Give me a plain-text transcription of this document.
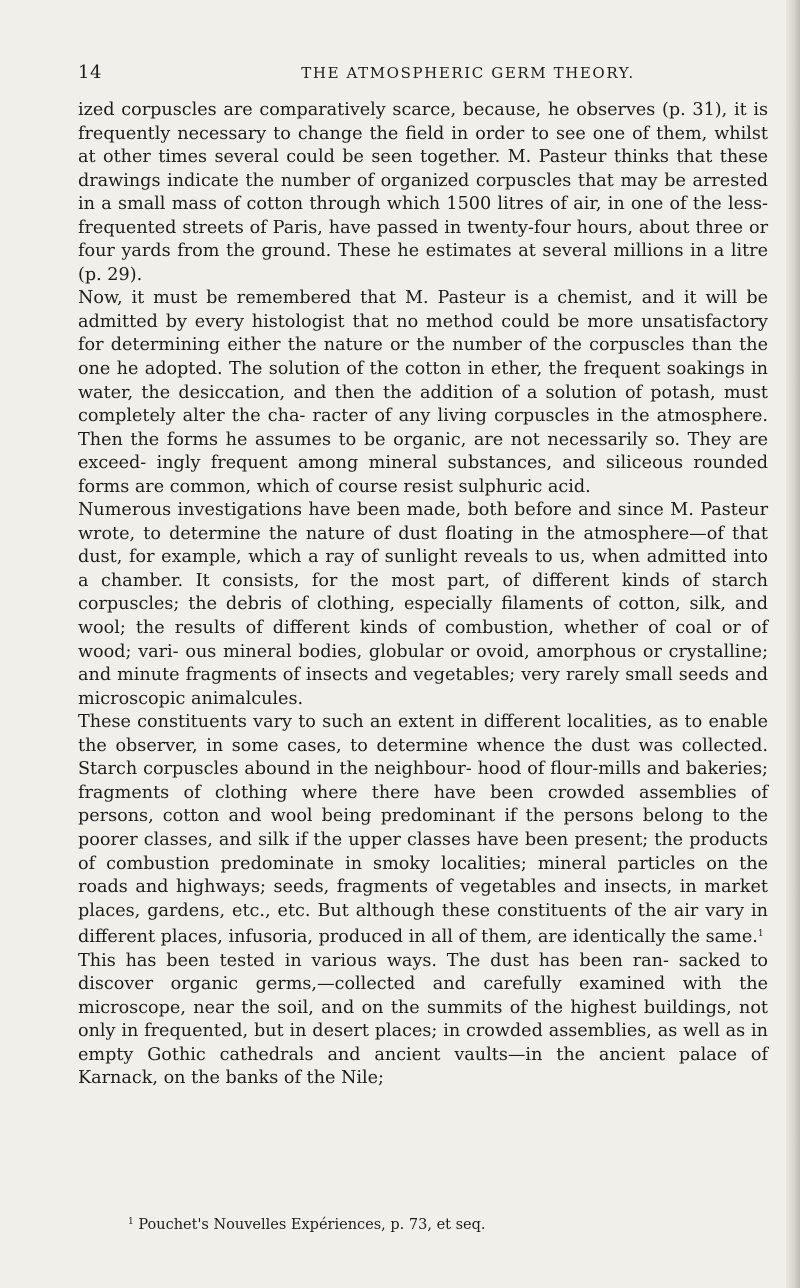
14	THE ATMOSPHERIC GERM THEORY.

ized corpuscles are comparatively scarce, because, he observes (p. 31), it is frequently necessary to change the field in order to see one of them, whilst at other times several could be seen together. M. Pasteur thinks that these drawings indicate the number of organized corpuscles that may be arrested in a small mass of cotton through which 1500 litres of air, in one of the less-frequented streets of Paris, have passed in twenty-four hours, about three or four yards from the ground. These he estimates at several millions in a litre (p. 29).

Now, it must be remembered that M. Pasteur is a chemist, and it will be admitted by every histologist that no method could be more unsatisfactory for determining either the nature or the number of the corpuscles than the one he adopted. The solution of the cotton in ether, the frequent soakings in water, the desiccation, and then the addition of a solution of potash, must completely alter the cha- racter of any living corpuscles in the atmosphere. Then the forms he assumes to be organic, are not necessarily so. They are exceed- ingly frequent among mineral substances, and siliceous rounded forms are common, which of course resist sulphuric acid.

Numerous investigations have been made, both before and since M. Pasteur wrote, to determine the nature of dust floating in the atmosphere—of that dust, for example, which a ray of sunlight reveals to us, when admitted into a chamber. It consists, for the most part, of different kinds of starch corpuscles; the debris of clothing, especially filaments of cotton, silk, and wool; the results of different kinds of combustion, whether of coal or of wood; vari- ous mineral bodies, globular or ovoid, amorphous or crystalline; and minute fragments of insects and vegetables; very rarely small seeds and microscopic animalcules.

These constituents vary to such an extent in different localities, as to enable the observer, in some cases, to determine whence the dust was collected. Starch corpuscles abound in the neighbour- hood of flour-mills and bakeries; fragments of clothing where there have been crowded assemblies of persons, cotton and wool being predominant if the persons belong to the poorer classes, and silk if the upper classes have been present; the products of combustion predominate in smoky localities; mineral particles on the roads and highways; seeds, fragments of vegetables and insects, in market places, gardens, etc., etc. But although these constituents of the air vary in different places, infusoria, produced in all of them, are identically the same.$^1$

This has been tested in various ways. The dust has been ran- sacked to discover organic germs,—collected and carefully examined with the microscope, near the soil, and on the summits of the highest buildings, not only in frequented, but in desert places; in crowded assemblies, as well as in empty Gothic cathedrals and ancient vaults—in the ancient palace of Karnack, on the banks of the Nile;

$^1$ Pouchet's Nouvelles Expériences, p. 73, et seq.
